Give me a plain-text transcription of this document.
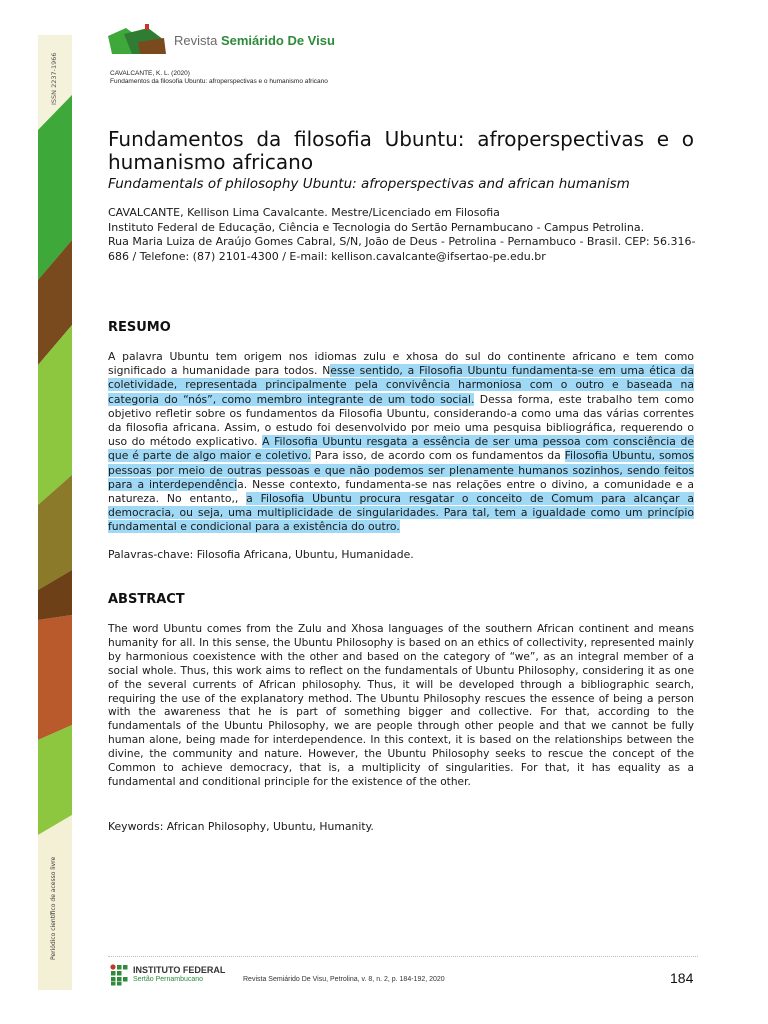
ISSN 2237-1966
Periódico científico de acesso livre
Revista Semiárido De Visu
CAVALCANTE, K. L. (2020)
Fundamentos da filosofia Ubuntu: afroperspectivas e o humanismo africano
Fundamentos da filosofia Ubuntu: afroperspectivas e o humanismo africano
Fundamentals of philosophy Ubuntu: afroperspectivas and african humanism
CAVALCANTE, Kellison Lima Cavalcante. Mestre/Licenciado em Filosofia
Instituto Federal de Educação, Ciência e Tecnologia do Sertão Pernambucano - Campus Petrolina.
Rua Maria Luiza de Araújo Gomes Cabral, S/N, João de Deus - Petrolina - Pernambuco - Brasil. CEP: 56.316-686 / Telefone: (87) 2101-4300 / E-mail: kellison.cavalcante@ifsertao-pe.edu.br
RESUMO
A palavra Ubuntu tem origem nos idiomas zulu e xhosa do sul do continente africano e tem como significado a humanidade para todos. Nesse sentido, a Filosofia Ubuntu fundamenta-se em uma ética da coletividade, representada principalmente pela convivência harmoniosa com o outro e baseada na categoria do “nós”, como membro integrante de um todo social. Dessa forma, este trabalho tem como objetivo refletir sobre os fundamentos da Filosofia Ubuntu, considerando-a como uma das várias correntes da filosofia africana. Assim, o estudo foi desenvolvido por meio uma pesquisa bibliográfica, requerendo o uso do método explicativo. A Filosofia Ubuntu resgata a essência de ser uma pessoa com consciência de que é parte de algo maior e coletivo. Para isso, de acordo com os fundamentos da Filosofia Ubuntu, somos pessoas por meio de outras pessoas e que não podemos ser plenamente humanos sozinhos, sendo feitos para a interdependência. Nesse contexto, fundamenta-se nas relações entre o divino, a comunidade e a natureza. No entanto,, a Filosofia Ubuntu procura resgatar o conceito de Comum para alcançar a democracia, ou seja, uma multiplicidade de singularidades. Para tal, tem a igualdade como um princípio fundamental e condicional para a existência do outro.
Palavras-chave: Filosofia Africana, Ubuntu, Humanidade.
ABSTRACT
The word Ubuntu comes from the Zulu and Xhosa languages of the southern African continent and means humanity for all. In this sense, the Ubuntu Philosophy is based on an ethics of collectivity, represented mainly by harmonious coexistence with the other and based on the category of “we”, as an integral member of a social whole. Thus, this work aims to reflect on the fundamentals of Ubuntu Philosophy, considering it as one of the several currents of African philosophy. Thus, it will be developed through a bibliographic search, requiring the use of the explanatory method. The Ubuntu Philosophy rescues the essence of being a person with the awareness that he is part of something bigger and collective. For that, according to the fundamentals of the Ubuntu Philosophy, we are people through other people and that we cannot be fully human alone, being made for interdependence. In this context, it is based on the relationships between the divine, the community and nature. However, the Ubuntu Philosophy seeks to rescue the concept of the Common to achieve democracy, that is, a multiplicity of singularities. For that, it has equality as a fundamental and conditional principle for the existence of the other.
Keywords: African Philosophy, Ubuntu, Humanity.
INSTITUTO FEDERAL
Sertão Pernambucano	Revista Semiárido De Visu, Petrolina, v. 8, n. 2, p. 184-192, 2020	184
